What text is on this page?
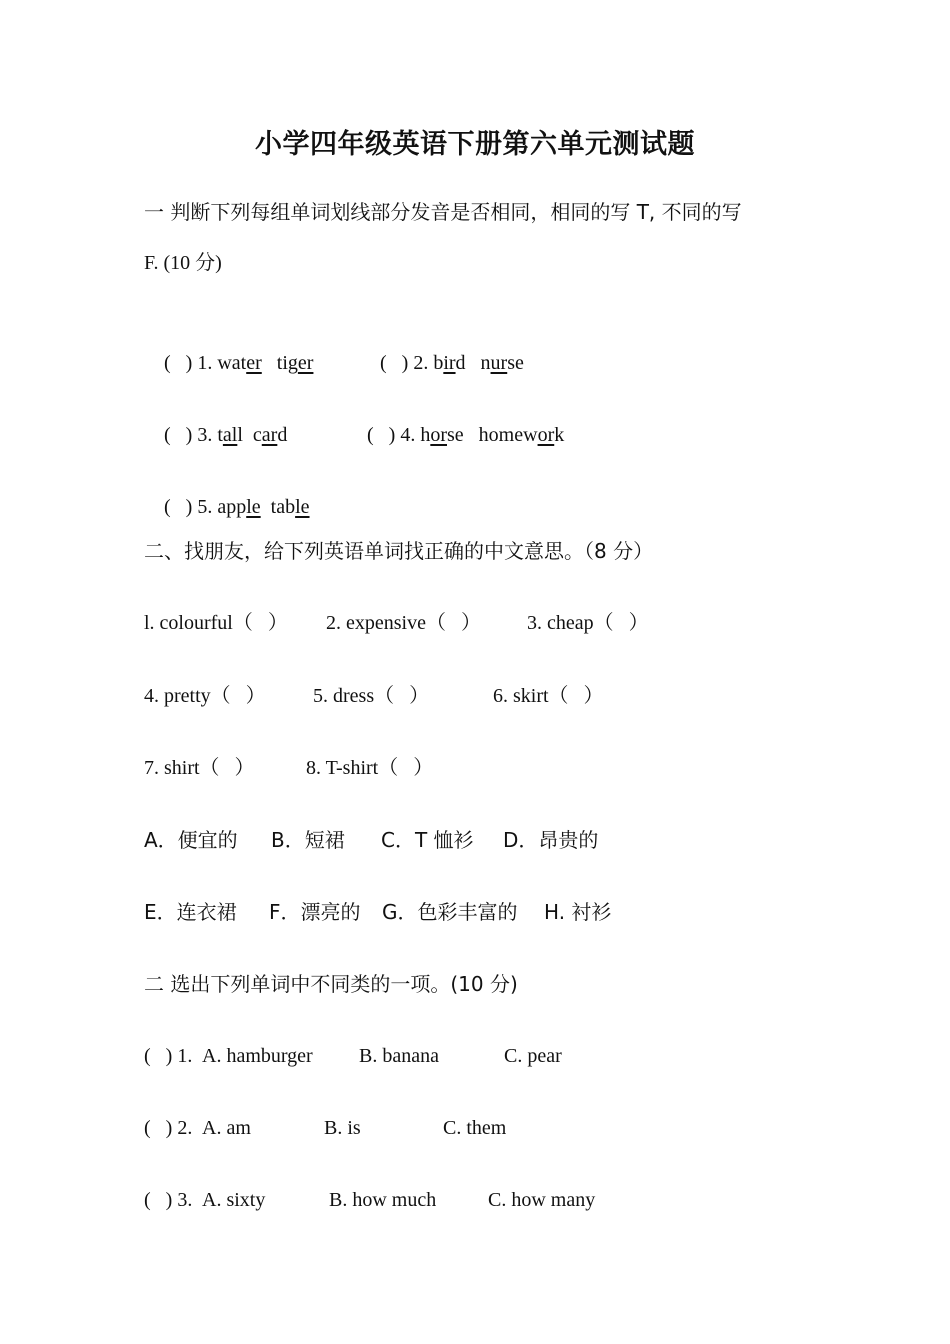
小学四年级英语下册第六单元测试题
一 判断下列每组单词划线部分发音是否相同，相同的写 T, 不同的写
F. (10 分)

(   ) 1. water tiger
	(   ) 2. bird nurse

(   ) 3. tall card
	(   ) 4. horse homework

(   ) 5. apple table

二、找朋友，给下列英语单词找正确的中文意思。（8 分）
l. colourful（   ） 2. expensive（   ） 3. cheap（   ）
4. pretty（   ） 5. dress（   ）	6. skirt（   ）
7. shirt（   ）	8. T-shirt（   ）
A．便宜的 B．短裙 C．T 恤衫 D．昂贵的
E．连衣裙 F．漂亮的 G．色彩丰富的 H. 衬衫
二 选出下列单词中不同类的一项。(10 分)
(   ) 1. A. hamburger B. banana	C. pear
(   ) 2. A. am	B. is	C. them
(   ) 3. A. sixty	B. how much	C. how many
